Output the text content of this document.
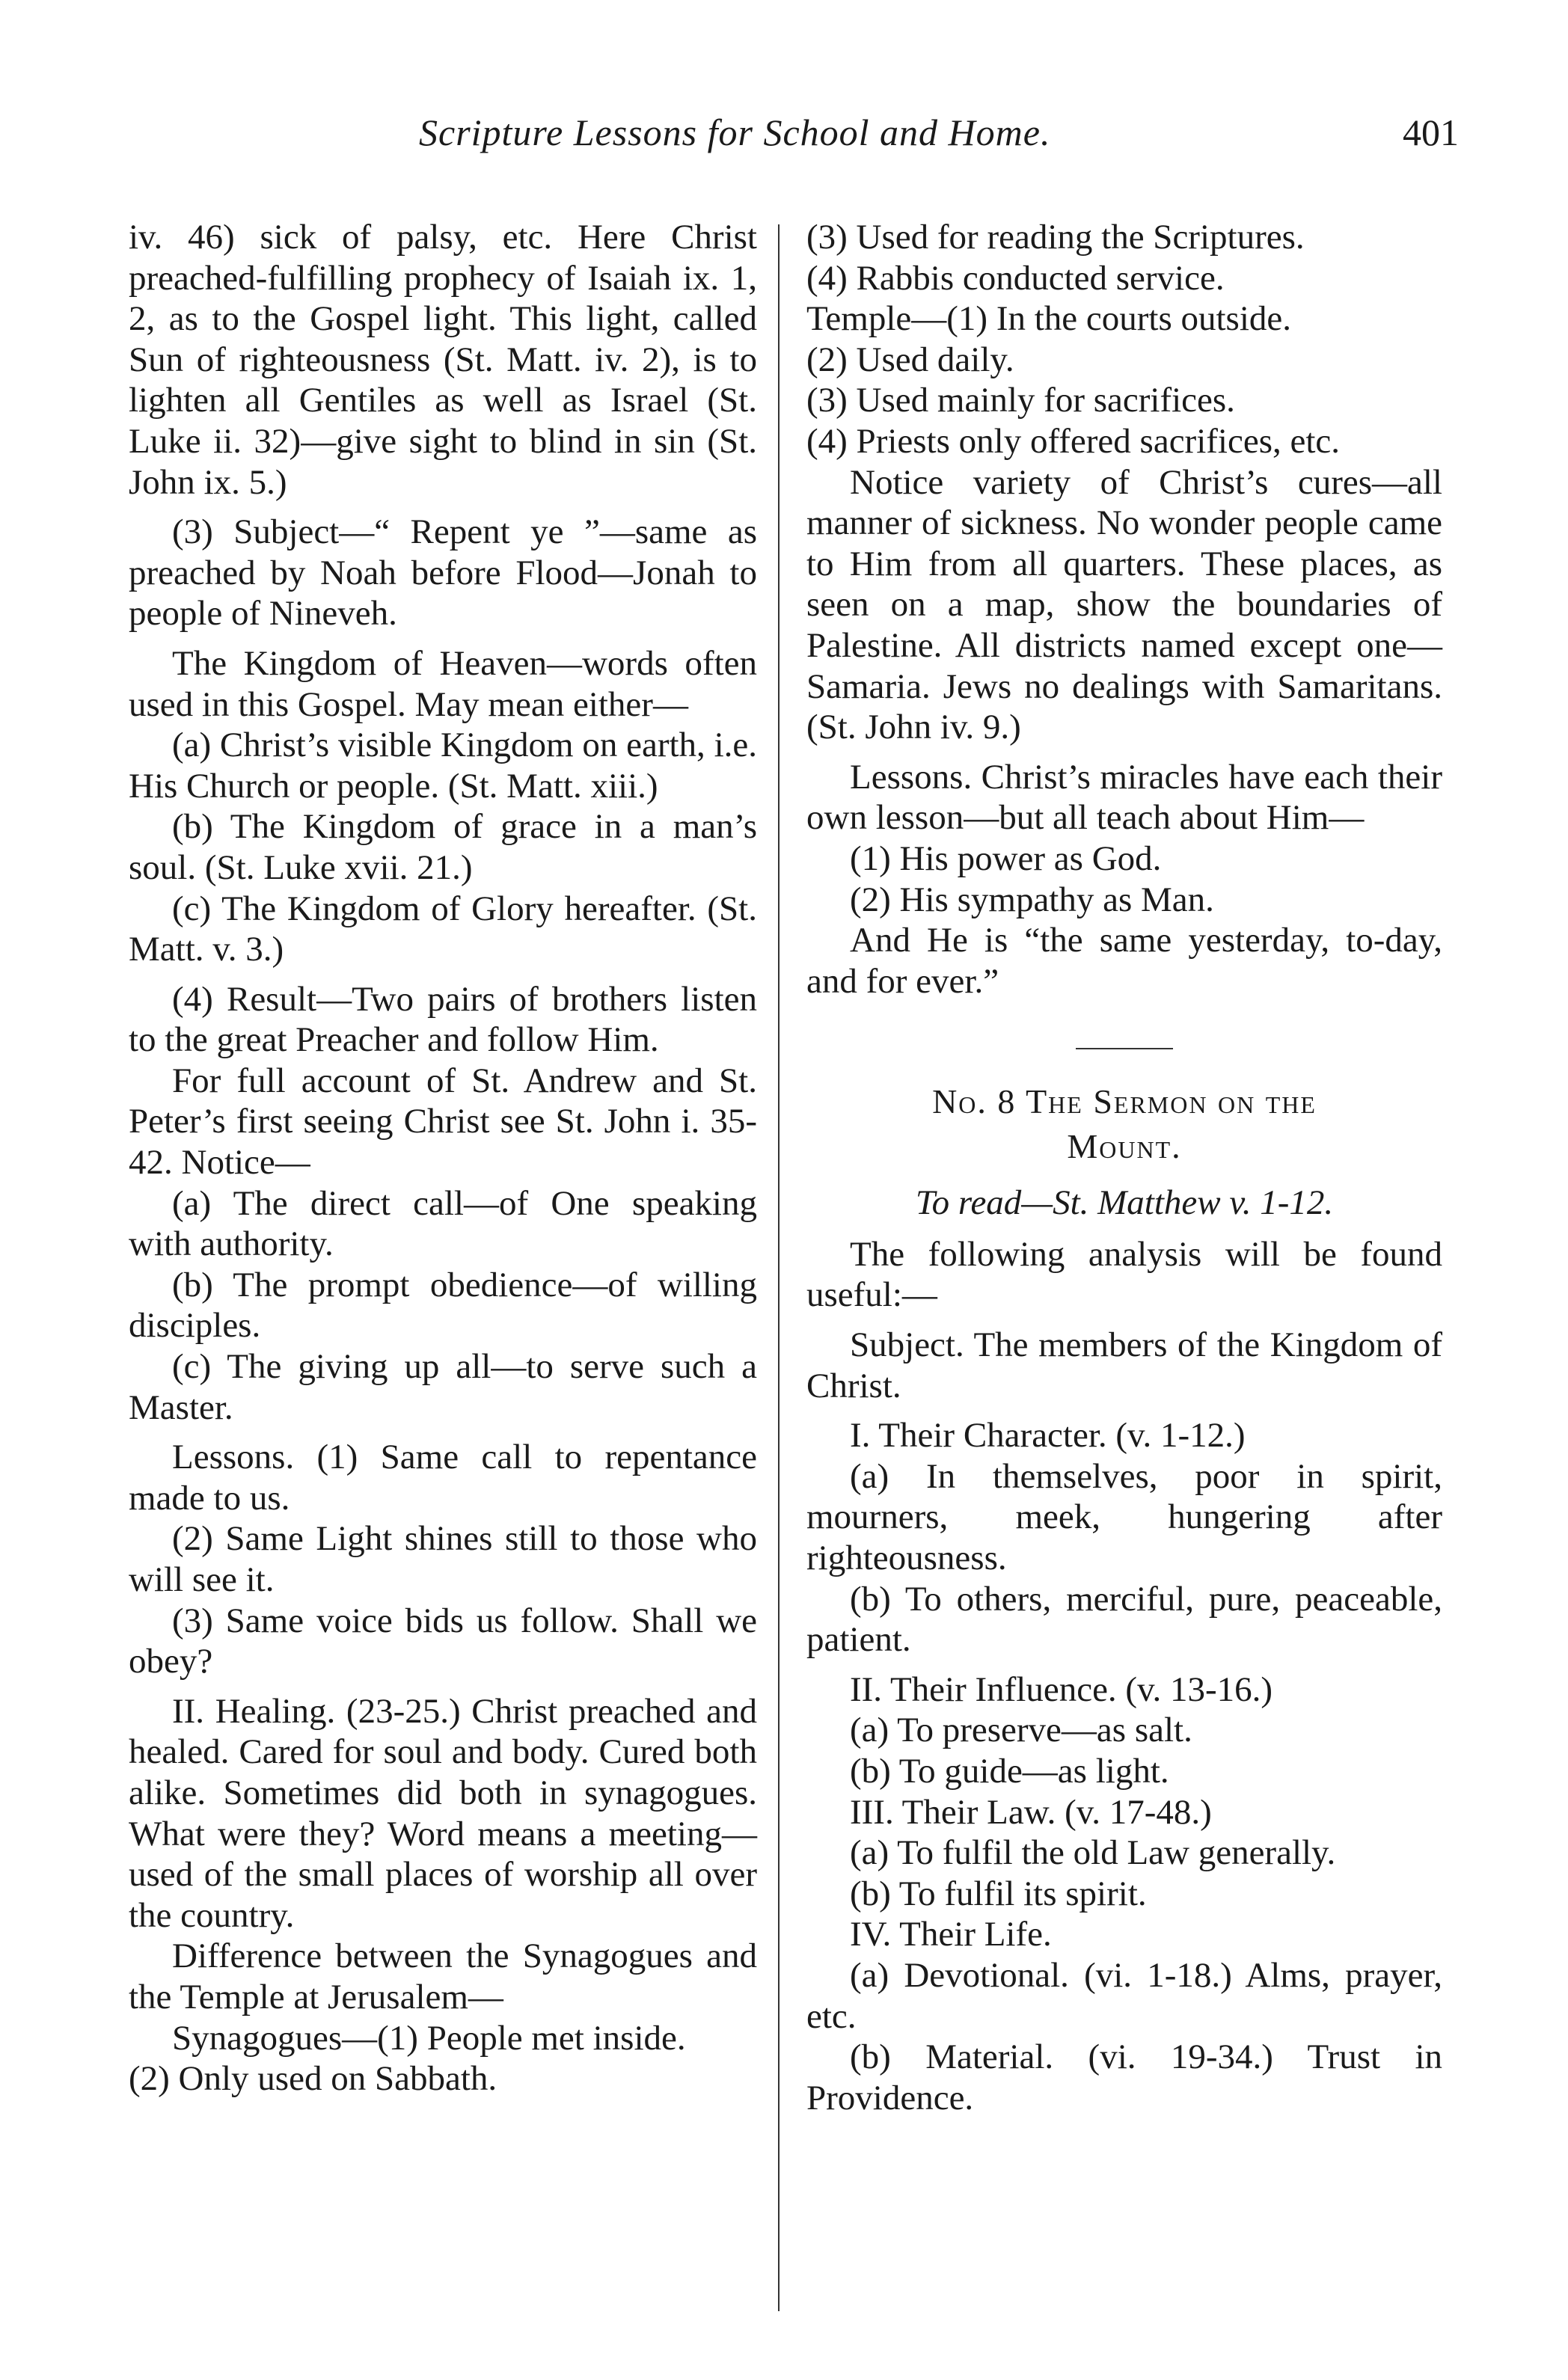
Scripture Lessons for School and Home.	401

iv. 46) sick of palsy, etc. Here Christ preached-fulfilling prophecy of Isaiah ix. 1, 2, as to the Gospel light. This light, called Sun of righteousness (St. Matt. iv. 2), is to lighten all Gentiles as well as Israel (St. Luke ii. 32)—give sight to blind in sin (St. John ix. 5.)

(3) Subject—“ Repent ye ”—same as preached by Noah before Flood—Jonah to people of Nineveh.

The Kingdom of Heaven—words often used in this Gospel. May mean either—

(a) Christ’s visible Kingdom on earth, i.e. His Church or people. (St. Matt. xiii.)

(b) The Kingdom of grace in a man’s soul. (St. Luke xvii. 21.)

(c) The Kingdom of Glory hereafter. (St. Matt. v. 3.)

(4) Result—Two pairs of brothers listen to the great Preacher and follow Him.

For full account of St. Andrew and St. Peter’s first seeing Christ see St. John i. 35-42. Notice—

(a) The direct call—of One speaking with authority.

(b) The prompt obedience—of willing disciples.

(c) The giving up all—to serve such a Master.

Lessons. (1) Same call to repentance made to us.

(2) Same Light shines still to those who will see it.

(3) Same voice bids us follow. Shall we obey?

II. Healing. (23-25.) Christ preached and healed. Cared for soul and body. Cured both alike. Sometimes did both in synagogues. What were they? Word means a meeting—used of the small places of worship all over the country.

Difference between the Synagogues and the Temple at Jerusalem—

Synagogues—(1) People met inside.

(2) Only used on Sabbath.

(3) Used for reading the Scriptures.

(4) Rabbis conducted service.

Temple—(1) In the courts outside.

(2) Used daily.

(3) Used mainly for sacrifices.

(4) Priests only offered sacrifices, etc.

Notice variety of Christ’s cures—all manner of sickness. No wonder people came to Him from all quarters. These places, as seen on a map, show the boundaries of Palestine. All districts named except one—Samaria. Jews no dealings with Samaritans. (St. John iv. 9.)

Lessons. Christ’s miracles have each their own lesson—but all teach about Him—

(1) His power as God.

(2) His sympathy as Man.

And He is “the same yesterday, to-day, and for ever.”

No. 8 The Sermon on the
Mount.

To read—St. Matthew v. 1-12.

The following analysis will be found useful:—

Subject. The members of the Kingdom of Christ.

I. Their Character. (v. 1-12.)

(a) In themselves, poor in spirit, mourners, meek, hungering after righteousness.

(b) To others, merciful, pure, peaceable, patient.

II. Their Influence. (v. 13-16.)

(a) To preserve—as salt.

(b) To guide—as light.

III. Their Law. (v. 17-48.)

(a) To fulfil the old Law generally.

(b) To fulfil its spirit.

IV. Their Life.

(a) Devotional. (vi. 1-18.) Alms, prayer, etc.

(b) Material. (vi. 19-34.) Trust in Providence.
